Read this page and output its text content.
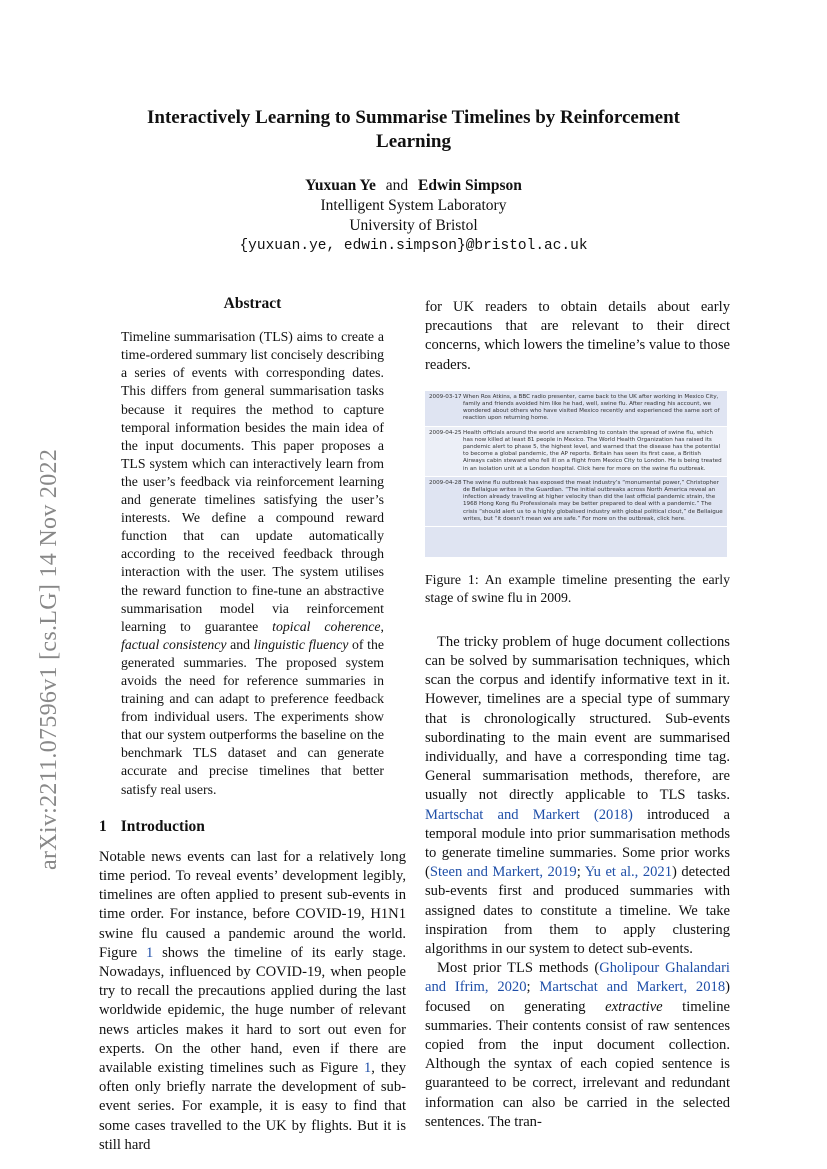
arXiv:2211.07596v1 [cs.LG] 14 Nov 2022
Interactively Learning to Summarise Timelines by Reinforcement Learning
Yuxuan Ye and Edwin Simpson
Intelligent System Laboratory
University of Bristol
{yuxuan.ye, edwin.simpson}@bristol.ac.uk
Abstract
Timeline summarisation (TLS) aims to create a time-ordered summary list concisely describing a series of events with corresponding dates. This differs from general summarisation tasks because it requires the method to capture temporal information besides the main idea of the input documents. This paper proposes a TLS system which can interactively learn from the user’s feedback via reinforcement learning and generate timelines satisfying the user’s interests. We define a compound reward function that can update automatically according to the received feedback through interaction with the user. The system utilises the reward function to fine-tune an abstractive summarisation model via reinforcement learning to guarantee topical coherence, factual consistency and linguistic fluency of the generated summaries. The proposed system avoids the need for reference summaries in training and can adapt to preference feedback from individual users. The experiments show that our system outperforms the baseline on the benchmark TLS dataset and can generate accurate and precise timelines that better satisfy real users.
1 Introduction
Notable news events can last for a relatively long time period. To reveal events’ development legibly, timelines are often applied to present sub-events in time order. For instance, before COVID-19, H1N1 swine flu caused a pandemic around the world. Figure 1 shows the timeline of its early stage. Nowadays, influenced by COVID-19, when people try to recall the precautions applied during the last worldwide epidemic, the huge number of relevant news articles makes it hard to sort out even for experts. On the other hand, even if there are available existing timelines such as Figure 1, they often only briefly narrate the development of sub-event series. For example, it is easy to find that some cases travelled to the UK by flights. But it is still hard
for UK readers to obtain details about early precautions that are relevant to their direct concerns, which lowers the timeline’s value to those readers.
2009-03-17 When Ros Atkins, a BBC radio presenter, came back to the UK after working in Mexico City, family and friends avoided him like he had, well, swine flu. After reading his account, we wondered about others who have visited Mexico recently and experienced the same sort of reaction upon returning home.
2009-04-25 Health officials around the world are scrambling to contain the spread of swine flu, which has now killed at least 81 people in Mexico. The World Health Organization has raised its pandemic alert to phase 5, the highest level, and warned that the disease has the potential to become a global pandemic, the AP reports. Britain has seen its first case, a British Airways cabin steward who fell ill on a flight from Mexico City to London. He is being treated in an isolation unit at a London hospital. Click here for more on the swine flu outbreak.
2009-04-28 The swine flu outbreak has exposed the meat industry’s “monumental power,” Christopher de Bellaigue writes in the Guardian. “The initial outbreaks across North America reveal an infection already traveling at higher velocity than did the last official pandemic strain, the 1968 Hong Kong flu Professionals may be better prepared to deal with a pandemic.” The crisis “should alert us to a highly globalised industry with global political clout,” de Bellaigue writes, but “it doesn’t mean we are safe.” For more on the outbreak, click here.
Figure 1: An example timeline presenting the early stage of swine flu in 2009.
The tricky problem of huge document collections can be solved by summarisation techniques, which scan the corpus and identify informative text in it. However, timelines are a special type of summary that is chronologically structured. Sub-events subordinating to the main event are summarised individually, and have a corresponding time tag. General summarisation methods, therefore, are usually not directly applicable to TLS tasks. Martschat and Markert (2018) introduced a temporal module into prior summarisation methods to generate timeline summaries. Some prior works (Steen and Markert, 2019; Yu et al., 2021) detected sub-events first and produced summaries with assigned dates to constitute a timeline. We take inspiration from them to apply clustering algorithms in our system to detect sub-events.
Most prior TLS methods (Gholipour Ghalandari and Ifrim, 2020; Martschat and Markert, 2018) focused on generating extractive timeline summaries. Their contents consist of raw sentences copied from the input document collection. Although the syntax of each copied sentence is guaranteed to be correct, irrelevant and redundant information can also be carried in the selected sentences. The tran-
